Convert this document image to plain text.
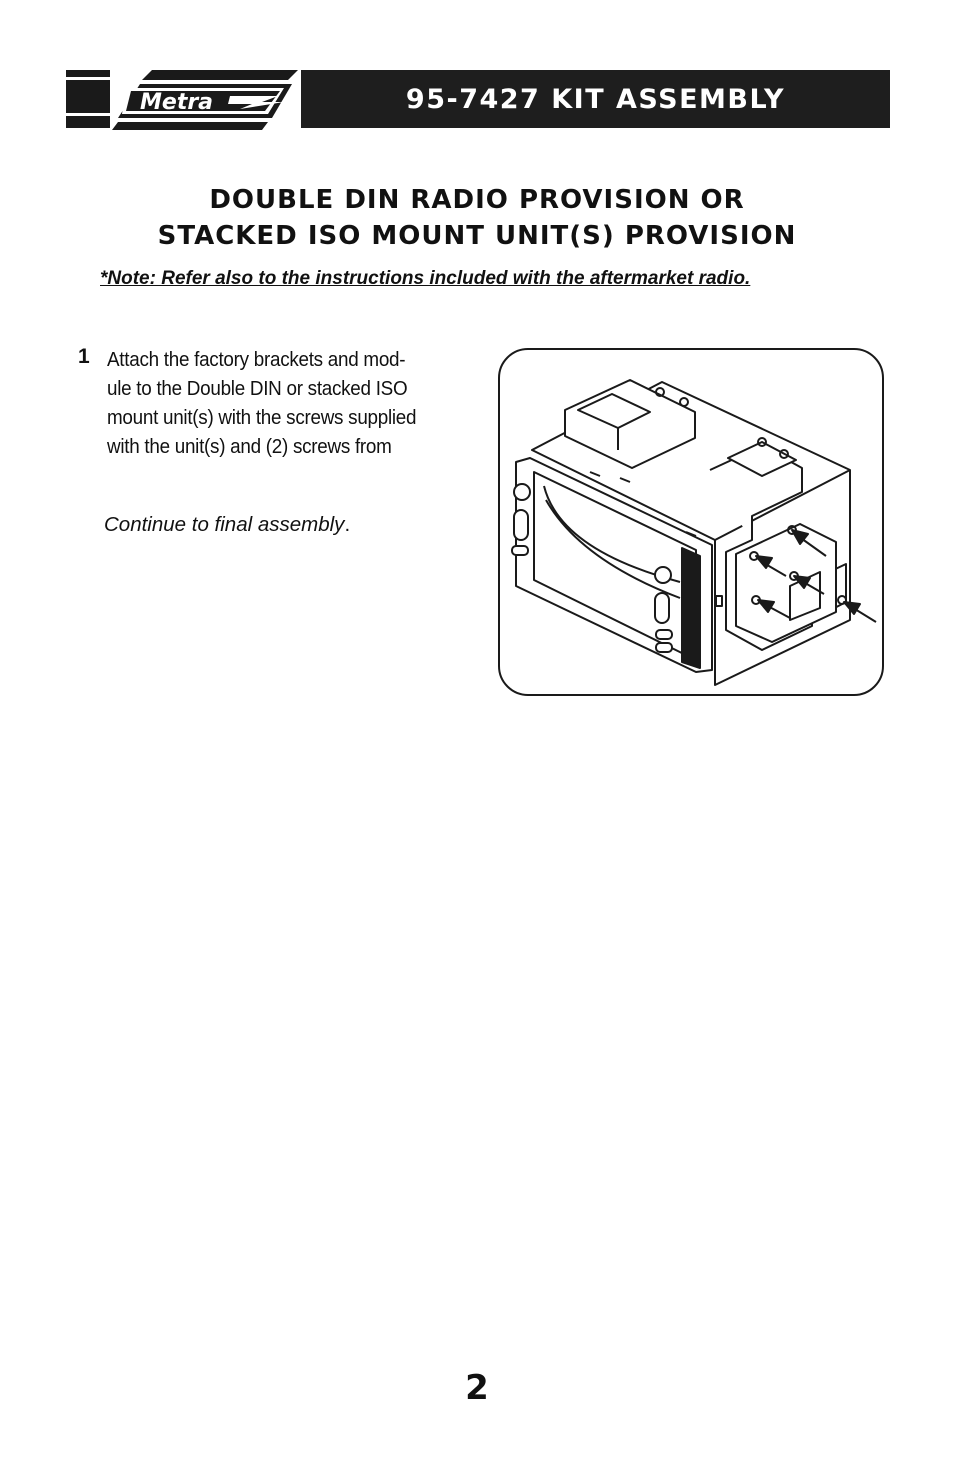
Metra	95-7427 KIT ASSEMBLY
DOUBLE DIN RADIO PROVISION OR
STACKED ISO MOUNT UNIT(S) PROVISION
*Note: Refer also to the instructions included with the aftermarket radio.
1 Attach the factory brackets and mod-
ule to the Double DIN or stacked ISO
mount unit(s) with the screws supplied
with the unit(s) and (2) screws from
Continue to final assembly.
2
